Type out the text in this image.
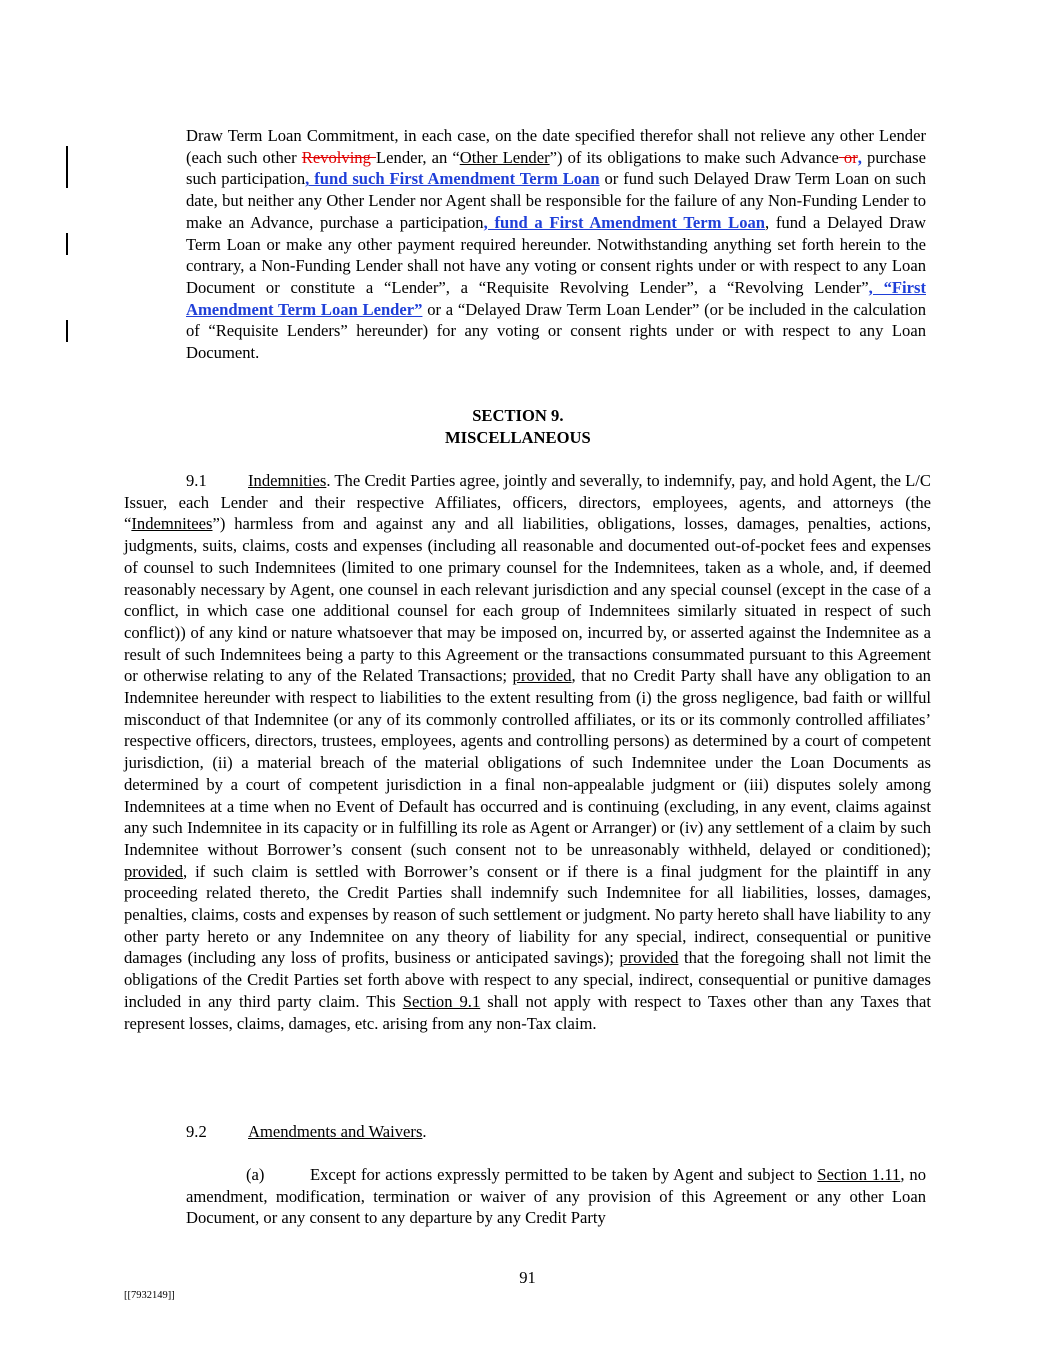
Draw Term Loan Commitment, in each case, on the date specified therefor shall not relieve any other Lender (each such other Revolving Lender, an “Other Lender”) of its obligations to make such Advance or, purchase such participation, fund such First Amendment Term Loan or fund such Delayed Draw Term Loan on such date, but neither any Other Lender nor Agent shall be responsible for the failure of any Non-Funding Lender to make an Advance, purchase a participation, fund a First Amendment Term Loan, fund a Delayed Draw Term Loan or make any other payment required hereunder. Notwithstanding anything set forth herein to the contrary, a Non-Funding Lender shall not have any voting or consent rights under or with respect to any Loan Document or constitute a “Lender”, a “Requisite Revolving Lender”, a “Revolving Lender”, “First Amendment Term Loan Lender” or a “Delayed Draw Term Loan Lender” (or be included in the calculation of “Requisite Lenders” hereunder) for any voting or consent rights under or with respect to any Loan Document.
SECTION 9.
MISCELLANEOUS
9.1 Indemnities. The Credit Parties agree, jointly and severally, to indemnify, pay, and hold Agent, the L/C Issuer, each Lender and their respective Affiliates, officers, directors, employees, agents, and attorneys (the “Indemnitees”) harmless from and against any and all liabilities, obligations, losses, damages, penalties, actions, judgments, suits, claims, costs and expenses (including all reasonable and documented out-of-pocket fees and expenses of counsel to such Indemnitees (limited to one primary counsel for the Indemnitees, taken as a whole, and, if deemed reasonably necessary by Agent, one counsel in each relevant jurisdiction and any special counsel (except in the case of a conflict, in which case one additional counsel for each group of Indemnitees similarly situated in respect of such conflict)) of any kind or nature whatsoever that may be imposed on, incurred by, or asserted against the Indemnitee as a result of such Indemnitees being a party to this Agreement or the transactions consummated pursuant to this Agreement or otherwise relating to any of the Related Transactions; provided, that no Credit Party shall have any obligation to an Indemnitee hereunder with respect to liabilities to the extent resulting from (i) the gross negligence, bad faith or willful misconduct of that Indemnitee (or any of its commonly controlled affiliates, or its or its commonly controlled affiliates’ respective officers, directors, trustees, employees, agents and controlling persons) as determined by a court of competent jurisdiction, (ii) a material breach of the material obligations of such Indemnitee under the Loan Documents as determined by a court of competent jurisdiction in a final non-appealable judgment or (iii) disputes solely among Indemnitees at a time when no Event of Default has occurred and is continuing (excluding, in any event, claims against any such Indemnitee in its capacity or in fulfilling its role as Agent or Arranger) or (iv) any settlement of a claim by such Indemnitee without Borrower’s consent (such consent not to be unreasonably withheld, delayed or conditioned); provided, if such claim is settled with Borrower’s consent or if there is a final judgment for the plaintiff in any proceeding related thereto, the Credit Parties shall indemnify such Indemnitee for all liabilities, losses, damages, penalties, claims, costs and expenses by reason of such settlement or judgment. No party hereto shall have liability to any other party hereto or any Indemnitee on any theory of liability for any special, indirect, consequential or punitive damages (including any loss of profits, business or anticipated savings); provided that the foregoing shall not limit the obligations of the Credit Parties set forth above with respect to any special, indirect, consequential or punitive damages included in any third party claim. This Section 9.1 shall not apply with respect to Taxes other than any Taxes that represent losses, claims, damages, etc. arising from any non-Tax claim.
9.2 Amendments and Waivers.
(a)	Except for actions expressly permitted to be taken by Agent and subject to Section 1.11, no amendment, modification, termination or waiver of any provision of this Agreement or any other Loan Document, or any consent to any departure by any Credit Party
91
[[7932149]]
